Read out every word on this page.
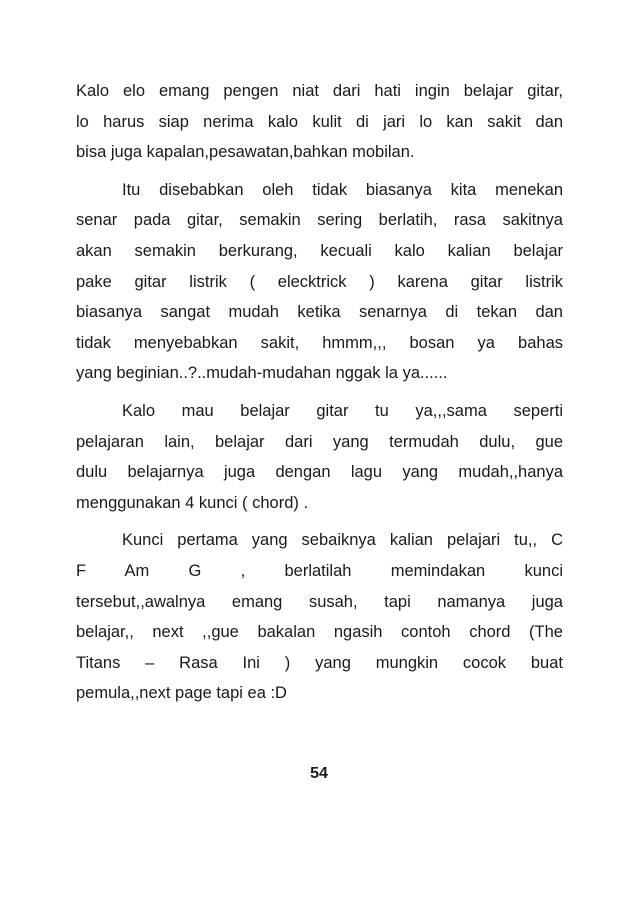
Kalo elo emang pengen niat dari hati ingin belajar gitar,
lo harus siap nerima kalo kulit di jari lo kan sakit dan
bisa juga kapalan,pesawatan,bahkan mobilan.
Itu disebabkan oleh tidak biasanya kita menekan
senar pada gitar, semakin sering berlatih, rasa sakitnya
akan semakin berkurang, kecuali kalo kalian belajar
pake gitar listrik ( elecktrick ) karena gitar listrik
biasanya sangat mudah ketika senarnya di tekan dan
tidak menyebabkan sakit, hmmm,,, bosan ya bahas
yang beginian..?..mudah-mudahan nggak la ya......
Kalo mau belajar gitar tu ya,,,sama seperti
pelajaran lain, belajar dari yang termudah dulu, gue
dulu belajarnya juga dengan lagu yang mudah,,hanya
menggunakan 4 kunci ( chord) .
Kunci pertama yang sebaiknya kalian pelajari tu,, C
F Am G , berlatilah memindakan kunci
tersebut,,awalnya emang susah, tapi namanya juga
belajar,, next ,,gue bakalan ngasih contoh chord (The
Titans – Rasa Ini ) yang mungkin cocok buat
pemula,,next page tapi ea :D
54
